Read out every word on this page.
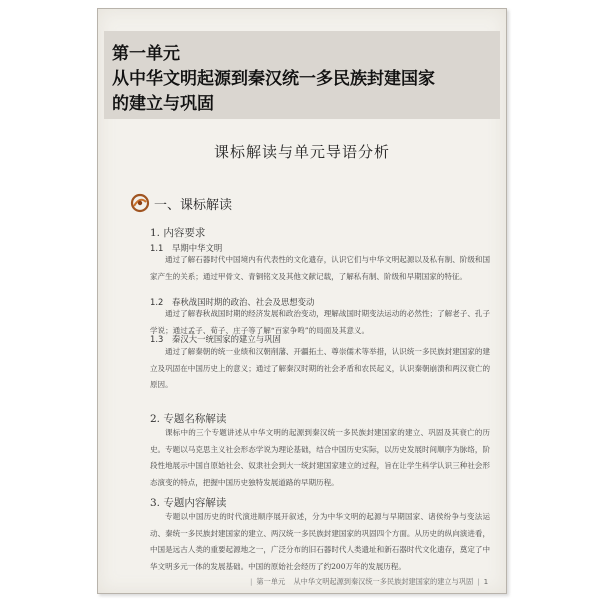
第一单元

从中华文明起源到秦汉统一多民族封建国家

的建立与巩固

课标解读与单元导语分析
一、课标解读
1. 内容要求
1.1 早期中华文明

通过了解石器时代中国境内有代表性的文化遗存，认识它们与中华文明起源以及私有制、阶级和国家产生的关系；通过甲骨文、青铜铭文及其他文献记载，了解私有制、阶级和早期国家的特征。

1.2 春秋战国时期的政治、社会及思想变动

通过了解春秋战国时期的经济发展和政治变动，理解战国时期变法运动的必然性；了解老子、孔子学说；通过孟子、荀子、庄子等了解“百家争鸣”的局面及其意义。

1.3 秦汉大一统国家的建立与巩固

通过了解秦朝的统一业绩和汉朝削藩、开疆拓土、尊崇儒术等举措，认识统一多民族封建国家的建立及巩固在中国历史上的意义；通过了解秦汉时期的社会矛盾和农民起义，认识秦朝崩溃和两汉衰亡的原因。

2. 专题名称解读

课标中的三个专题讲述从中华文明的起源到秦汉统一多民族封建国家的建立、巩固及其衰亡的历史。专题以马克思主义社会形态学说为理论基础，结合中国历史实际，以历史发展时间顺序为脉络，阶段性地展示中国自原始社会、奴隶社会到大一统封建国家建立的过程，旨在让学生科学认识三种社会形态演变的特点，把握中国历史独特发展道路的早期历程。

3. 专题内容解读

专题以中国历史的时代演进顺序展开叙述，分为中华文明的起源与早期国家、诸侯纷争与变法运动、秦统一多民族封建国家的建立、两汉统一多民族封建国家的巩固四个方面。从历史的纵向演进看，中国是远古人类的重要起源地之一，广泛分布的旧石器时代人类遗址和新石器时代文化遗存，奠定了中华文明多元一体的发展基础。中国的原始社会经历了约200万年的发展历程。

| 第一单元 从中华文明起源到秦汉统一多民族封建国家的建立与巩固 | 1
